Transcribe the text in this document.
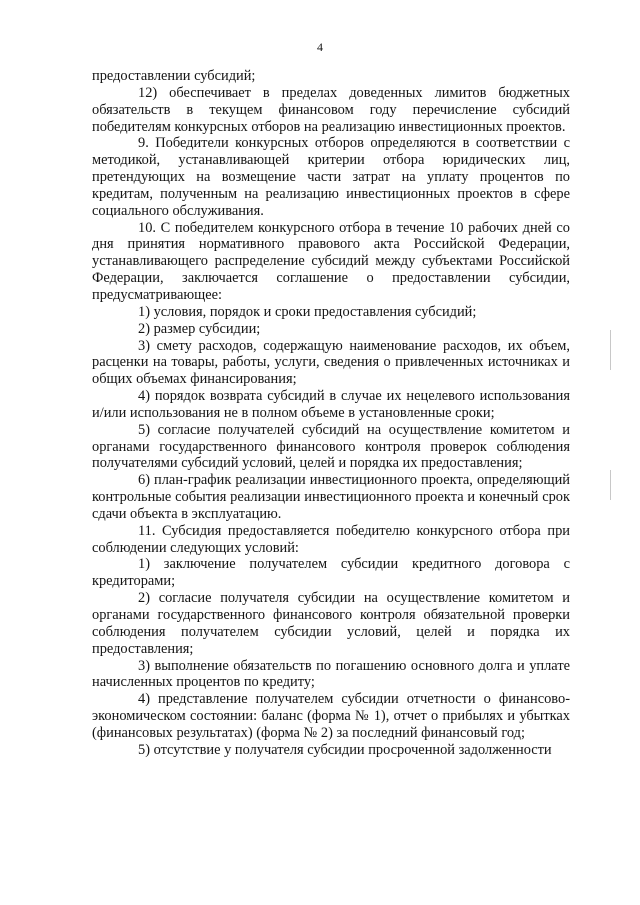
4

предоставлении субсидий;

12) обеспечивает в пределах доведенных лимитов бюджетных обязательств в текущем финансовом году перечисление субсидий победителям конкурсных отборов на реализацию инвестиционных проектов.

9. Победители конкурсных отборов определяются в соответствии с методикой, устанавливающей критерии отбора юридических лиц, претендующих на возмещение части затрат на уплату процентов по кредитам, полученным на реализацию инвестиционных проектов в сфере социального обслуживания.

10. С победителем конкурсного отбора в течение 10 рабочих дней со дня принятия нормативного правового акта Российской Федерации, устанавливающего распределение субсидий между субъектами Российской Федерации, заключается соглашение о предоставлении субсидии, предусматривающее:

1) условия, порядок и сроки предоставления субсидий;

2) размер субсидии;

3) смету расходов, содержащую наименование расходов, их объем, расценки на товары, работы, услуги, сведения о привлеченных источниках и общих объемах финансирования;

4) порядок возврата субсидий в случае их нецелевого использования и/или использования не в полном объеме в установленные сроки;

5) согласие получателей субсидий на осуществление комитетом и органами государственного финансового контроля проверок соблюдения получателями субсидий условий, целей и порядка их предоставления;

6) план-график реализации инвестиционного проекта, определяющий контрольные события реализации инвестиционного проекта и конечный срок сдачи объекта в эксплуатацию.

11. Субсидия предоставляется победителю конкурсного отбора при соблюдении следующих условий:

1) заключение получателем субсидии кредитного договора с кредиторами;

2) согласие получателя субсидии на осуществление комитетом и органами государственного финансового контроля обязательной проверки соблюдения получателем субсидии условий, целей и порядка их предоставления;

3) выполнение обязательств по погашению основного долга и уплате начисленных процентов по кредиту;

4) представление получателем субсидии отчетности о финансово-экономическом состоянии: баланс (форма № 1), отчет о прибылях и убытках (финансовых результатах) (форма № 2) за последний финансовый год;

5) отсутствие у получателя субсидии просроченной задолженности
